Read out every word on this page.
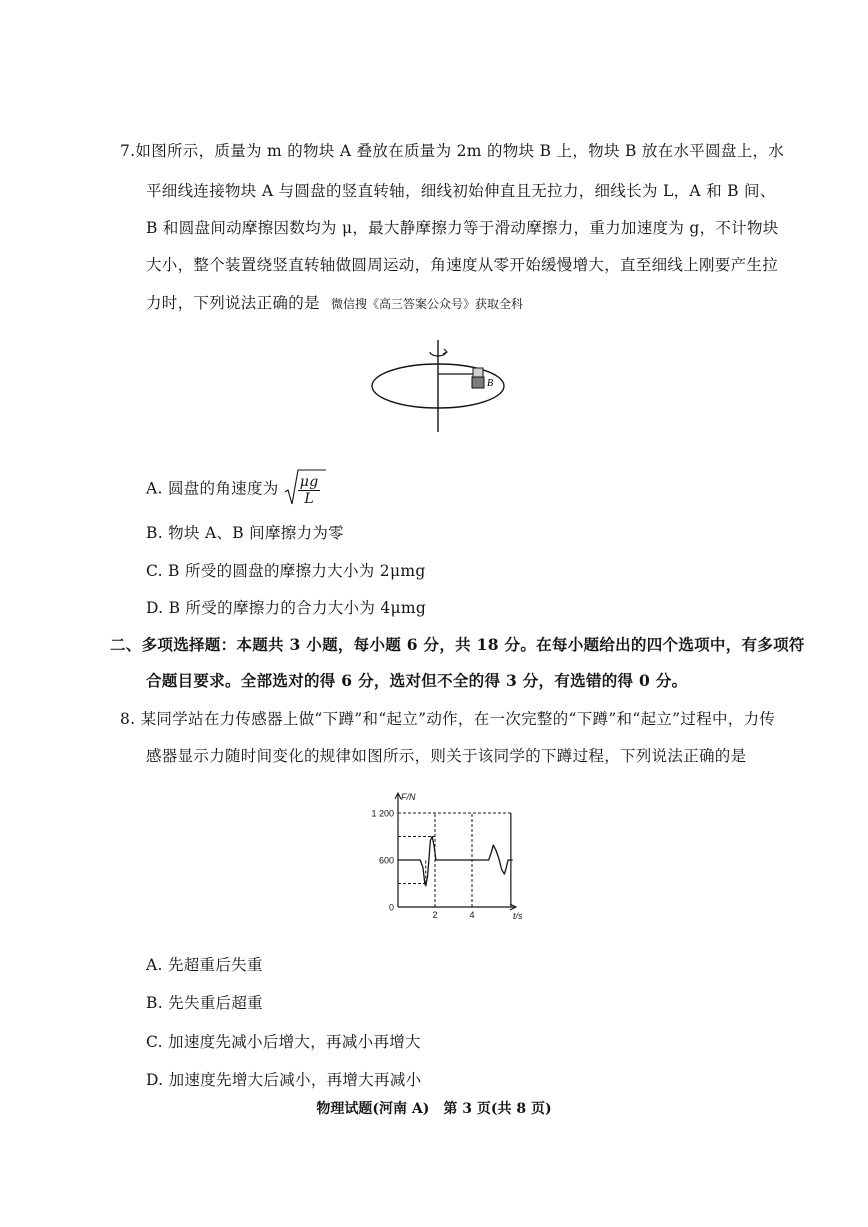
7.如图所示，质量为 m 的物块 A 叠放在质量为 2m 的物块 B 上，物块 B 放在水平圆盘上，水
平细线连接物块 A 与圆盘的竖直转轴，细线初始伸直且无拉力，细线长为 L，A 和 B 间、
B 和圆盘间动摩擦因数均为 μ，最大静摩擦力等于滑动摩擦力，重力加速度为 g，不计物块
大小，整个装置绕竖直转轴做圆周运动，角速度从零开始缓慢增大，直至细线上刚要产生拉
力时，下列说法正确的是 微信搜《高三答案公众号》获取全科
B
A. 圆盘的角速度为 $\frac{\mu g}{L}$
B. 物块 A、B 间摩擦力为零
C. B 所受的圆盘的摩擦力大小为 2μmg
D. B 所受的摩擦力的合力大小为 4μmg
二、多项选择题：本题共 3 小题，每小题 6 分，共 18 分。在每小题给出的四个选项中，有多项符
合题目要求。全部选对的得 6 分，选对但不全的得 3 分，有选错的得 0 分。
8. 某同学站在力传感器上做“下蹲”和“起立”动作，在一次完整的“下蹲”和“起立”过程中，力传
感器显示力随时间变化的规律如图所示，则关于该同学的下蹲过程，下列说法正确的是
1 200
600
0
2	4
F/N
t/s
A. 先超重后失重
B. 先失重后超重
C. 加速度先减小后增大，再减小再增大
D. 加速度先增大后减小，再增大再减小
物理试题(河南 A)　第 3 页(共 8 页)
